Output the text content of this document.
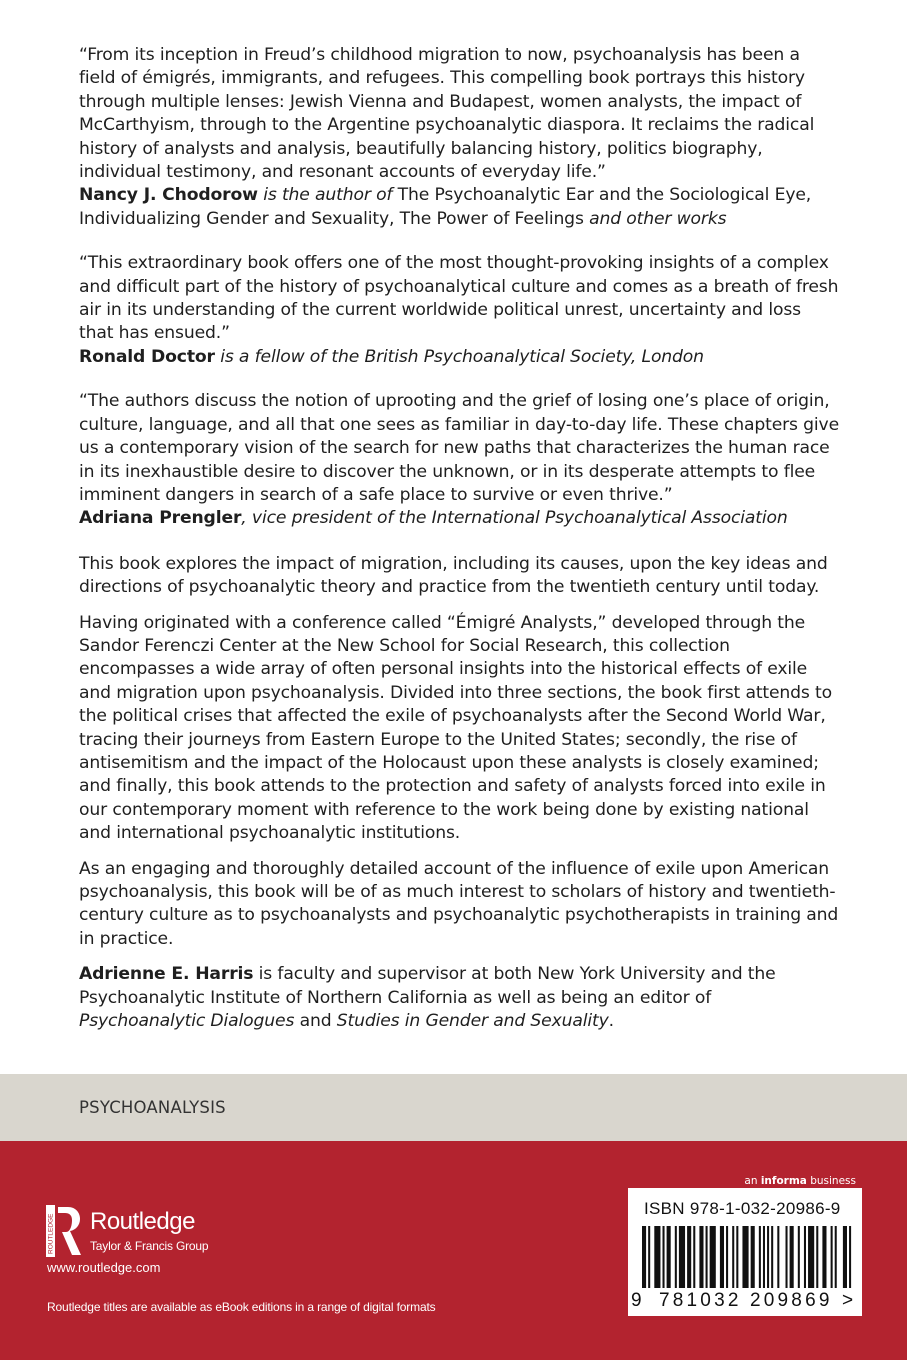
“From its inception in Freud’s childhood migration to now, psychoanalysis has been a field of émigrés, immigrants, and refugees. This compelling book portrays this history through multiple lenses: Jewish Vienna and Budapest, women analysts, the impact of McCarthyism, through to the Argentine psychoanalytic diaspora. It reclaims the radical history of analysts and analysis, beautifully balancing history, politics biography, individual testimony, and resonant accounts of everyday life.”

Nancy J. Chodorow is the author of The Psychoanalytic Ear and the Sociological Eye, Individualizing Gender and Sexuality, The Power of Feelings and other works

“This extraordinary book offers one of the most thought-provoking insights of a complex and difficult part of the history of psychoanalytical culture and comes as a breath of fresh air in its understanding of the current worldwide political unrest, uncertainty and loss that has ensued.”

Ronald Doctor is a fellow of the British Psychoanalytical Society, London

“The authors discuss the notion of uprooting and the grief of losing one’s place of origin, culture, language, and all that one sees as familiar in day-to-day life. These chapters give us a contemporary vision of the search for new paths that characterizes the human race in its inexhaustible desire to discover the unknown, or in its desperate attempts to flee imminent dangers in search of a safe place to survive or even thrive.”

Adriana Prengler, vice president of the International Psychoanalytical Association

This book explores the impact of migration, including its causes, upon the key ideas and directions of psychoanalytic theory and practice from the twentieth century until today.

Having originated with a conference called “Émigré Analysts,” developed through the Sandor Ferenczi Center at the New School for Social Research, this collection encompasses a wide array of often personal insights into the historical effects of exile and migration upon psychoanalysis. Divided into three sections, the book first attends to the political crises that affected the exile of psychoanalysts after the Second World War, tracing their journeys from Eastern Europe to the United States; secondly, the rise of antisemitism and the impact of the Holocaust upon these analysts is closely examined; and finally, this book attends to the protection and safety of analysts forced into exile in our contemporary moment with reference to the work being done by existing national and international psychoanalytic institutions.

As an engaging and thoroughly detailed account of the influence of exile upon American psychoanalysis, this book will be of as much interest to scholars of history and twentieth-century culture as to psychoanalysts and psychoanalytic psychotherapists in training and in practice.

Adrienne E. Harris is faculty and supervisor at both New York University and the Psychoanalytic Institute of Northern California as well as being an editor of Psychoanalytic Dialogues and Studies in Gender and Sexuality.

PSYCHOANALYSIS
an informa business
ROUTLEDGE Routledge
Taylor & Francis Group
www.routledge.com
Routledge titles are available as eBook editions in a range of digital formats
ISBN 978-1-032-20986-9
9 781032 209869 >
